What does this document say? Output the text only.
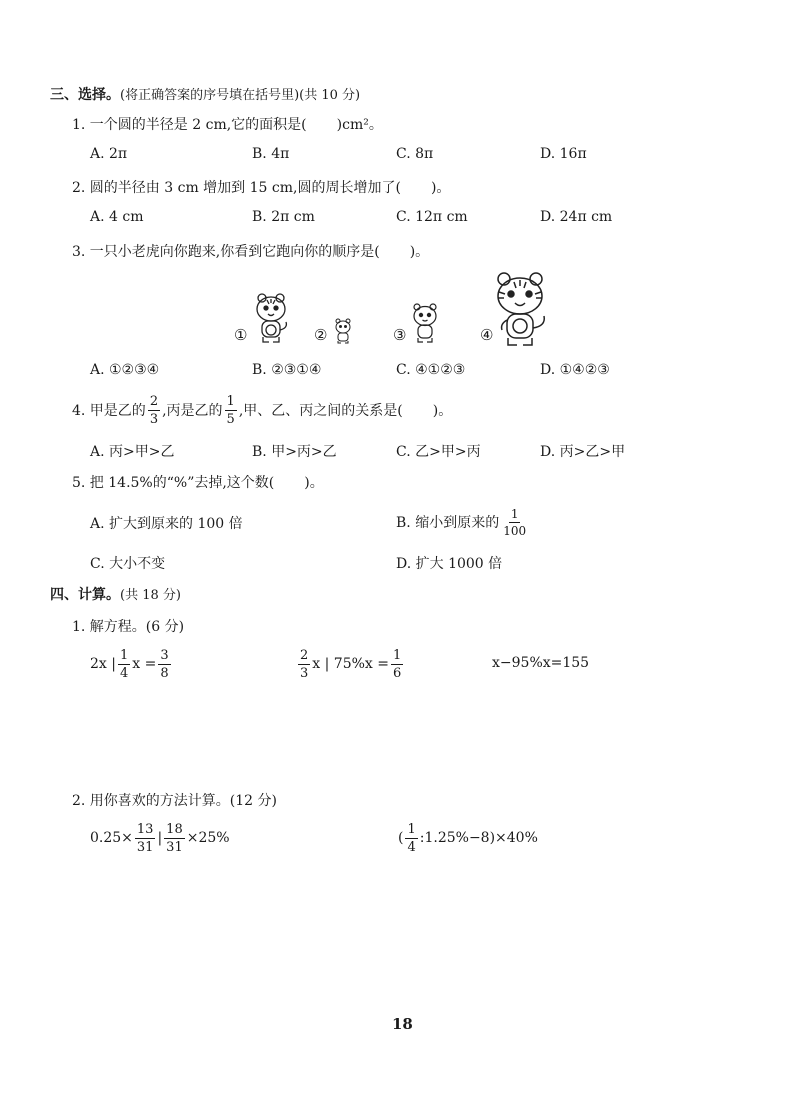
三、选择。(将正确答案的序号填在括号里)(共 10 分)
1. 一个圆的半径是 2 cm,它的面积是( )cm²。
A. 2π	B. 4π	C. 8π	D. 16π
2. 圆的半径由 3 cm 增加到 15 cm,圆的周长增加了( )。
A. 4 cm	B. 2π cm	C. 12π cm	D. 24π cm
3. 一只小老虎向你跑来,你看到它跑向你的顺序是( )。
①	②	③	④
A. ①②③④	B. ②③①④	C. ④①②③	D. ①④②③
4. 甲是乙的 $\frac{2}{3}$ ,丙是乙的 $\frac{1}{5}$ ,甲、乙、丙之间的关系是( )。
A. 丙>甲>乙	B. 甲>丙>乙	C. 乙>甲>丙	D. 丙>乙>甲
5. 把 14.5%的“%”去掉,这个数( )。
A. 扩大到原来的 100 倍	B. 缩小到原来的 $\frac{1}{100}$
C. 大小不变	D. 扩大 1000 倍
四、计算。(共 18 分)
1. 解方程。(6 分)
2x | $\frac{1}{4}$ $x = \frac{3}{8}$	$\frac{2}{3}$ x | $75\%x = \frac{1}{6}$	x−95%x=155
2. 用你喜欢的方法计算。(12 分)
$0.25\times \frac{13}{31}$ | $\frac{18}{31} \times 25\%$	( $\frac{1}{4}$ :1.25%−8)×40%
18
